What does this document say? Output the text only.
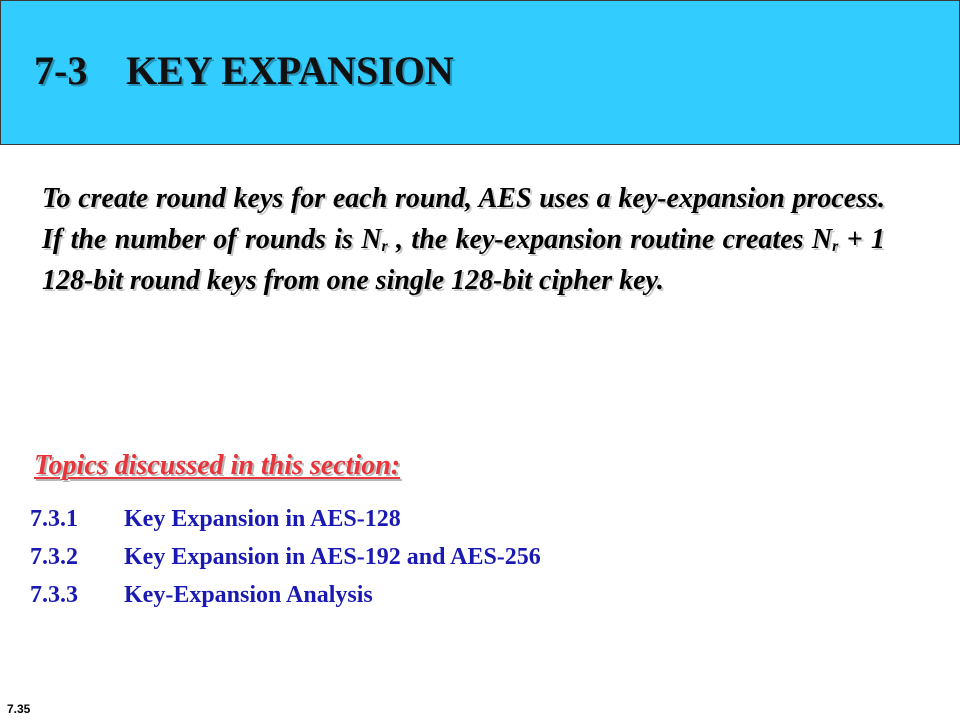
7-3 KEY EXPANSION

To create round keys for each round, AES uses a key-expansion process. If the number of rounds is $N_r$ , the key-expansion routine creates $N_r + 1$ 128-bit round keys from one single 128-bit cipher key.

Topics discussed in this section:
7.3.1 Key Expansion in AES-128
7.3.2 Key Expansion in AES-192 and AES-256
7.3.3 Key-Expansion Analysis
7.35
